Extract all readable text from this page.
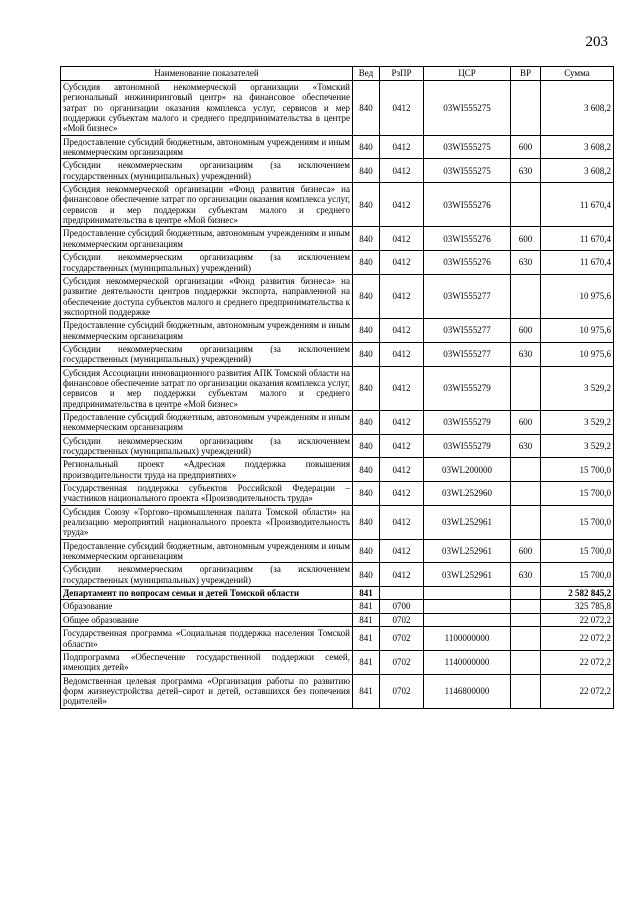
203
Наименование показателей	Вед	РзПР	ЦСР	ВР	Сумма
Субсидия автономной некоммерческой организации «Томский региональный инжиниринговый центр» на финансовое обеспечение затрат по организации оказания комплекса услуг, сервисов и мер поддержки субъектам малого и среднего предпринимательства в центре «Мой бизнес»	840	0412	03WI555275		3 608,2
Предоставление субсидий бюджетным, автономным учреждениям и иным некоммерческим организациям	840	0412	03WI555275	600	3 608,2
Субсидии некоммерческим организациям (за исключением государственных (муниципальных) учреждений)	840	0412	03WI555275	630	3 608,2
Субсидия некоммерческой организации «Фонд развития бизнеса» на финансовое обеспечение затрат по организации оказания комплекса услуг, сервисов и мер поддержки субъектам малого и среднего предпринимательства в центре «Мой бизнес»	840	0412	03WI555276		11 670,4
Предоставление субсидий бюджетным, автономным учреждениям и иным некоммерческим организациям	840	0412	03WI555276	600	11 670,4
Субсидии некоммерческим организациям (за исключением государственных (муниципальных) учреждений)	840	0412	03WI555276	630	11 670,4
Субсидия некоммерческой организации «Фонд развития бизнеса» на развитие деятельности центров поддержки экспорта, направленной на обеспечение доступа субъектов малого и среднего предпринимательства к экспортной поддержке	840	0412	03WI555277		10 975,6
Предоставление субсидий бюджетным, автономным учреждениям и иным некоммерческим организациям	840	0412	03WI555277	600	10 975,6
Субсидии некоммерческим организациям (за исключением государственных (муниципальных) учреждений)	840	0412	03WI555277	630	10 975,6
Субсидия Ассоциации инновационного развития АПК Томской области на финансовое обеспечение затрат по организации оказания комплекса услуг, сервисов и мер поддержки субъектам малого и среднего предпринимательства в центре «Мой бизнес»	840	0412	03WI555279		3 529,2
Предоставление субсидий бюджетным, автономным учреждениям и иным некоммерческим организациям	840	0412	03WI555279	600	3 529,2
Субсидии некоммерческим организациям (за исключением государственных (муниципальных) учреждений)	840	0412	03WI555279	630	3 529,2
Региональный проект «Адресная поддержка повышения производительности труда на предприятиях»	840	0412	03WL200000		15 700,0
Государственная поддержка субъектов Российской Федерации – участников национального проекта «Производительность труда»	840	0412	03WL252960		15 700,0
Субсидия Союзу «Торгово–промышленная палата Томской области» на реализацию мероприятий национального проекта «Производительность труда»	840	0412	03WL252961		15 700,0
Предоставление субсидий бюджетным, автономным учреждениям и иным некоммерческим организациям	840	0412	03WL252961	600	15 700,0
Субсидии некоммерческим организациям (за исключением государственных (муниципальных) учреждений)	840	0412	03WL252961	630	15 700,0
Департамент по вопросам семьи и детей Томской области	841				2 582 845,2
Образование	841	0700			325 785,8
Общее образование	841	0702			22 072,2
Государственная программа «Социальная поддержка населения Томской области»	841	0702	1100000000		22 072,2
Подпрограмма «Обеспечение государственной поддержки семей, имеющих детей»	841	0702	1140000000		22 072,2
Ведомственная целевая программа «Организация работы по развитию форм жизнеустройства детей–сирот и детей, оставшихся без попечения родителей»	841	0702	1146800000		22 072,2
